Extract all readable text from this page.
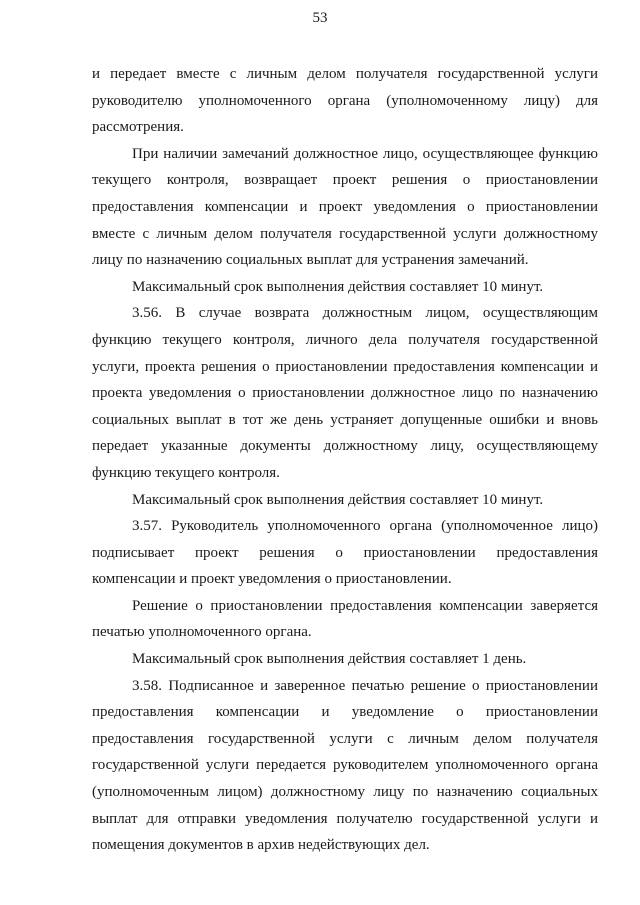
53

и передает вместе с личным делом получателя государственной услуги руководителю уполномоченного органа (уполномоченному лицу) для рассмотрения.

При наличии замечаний должностное лицо, осуществляющее функцию текущего контроля, возвращает проект решения о приостановлении предоставления компенсации и проект уведомления о приостановлении вместе с личным делом получателя государственной услуги должностному лицу по назначению социальных выплат для устранения замечаний.

Максимальный срок выполнения действия составляет 10 минут.

3.56. В случае возврата должностным лицом, осуществляющим функцию текущего контроля, личного дела получателя государственной услуги, проекта решения о приостановлении предоставления компенсации и проекта уведомления о приостановлении должностное лицо по назначению социальных выплат в тот же день устраняет допущенные ошибки и вновь передает указанные документы должностному лицу, осуществляющему функцию текущего контроля.

Максимальный срок выполнения действия составляет 10 минут.

3.57. Руководитель уполномоченного органа (уполномоченное лицо) подписывает проект решения о приостановлении предоставления компенсации и проект уведомления о приостановлении.

Решение о приостановлении предоставления компенсации заверяется печатью уполномоченного органа.

Максимальный срок выполнения действия составляет 1 день.

3.58. Подписанное и заверенное печатью решение о приостановлении предоставления компенсации и уведомление о приостановлении предоставления государственной услуги с личным делом получателя государственной услуги передается руководителем уполномоченного органа (уполномоченным лицом) должностному лицу по назначению социальных выплат для отправки уведомления получателю государственной услуги и помещения документов в архив недействующих дел.
